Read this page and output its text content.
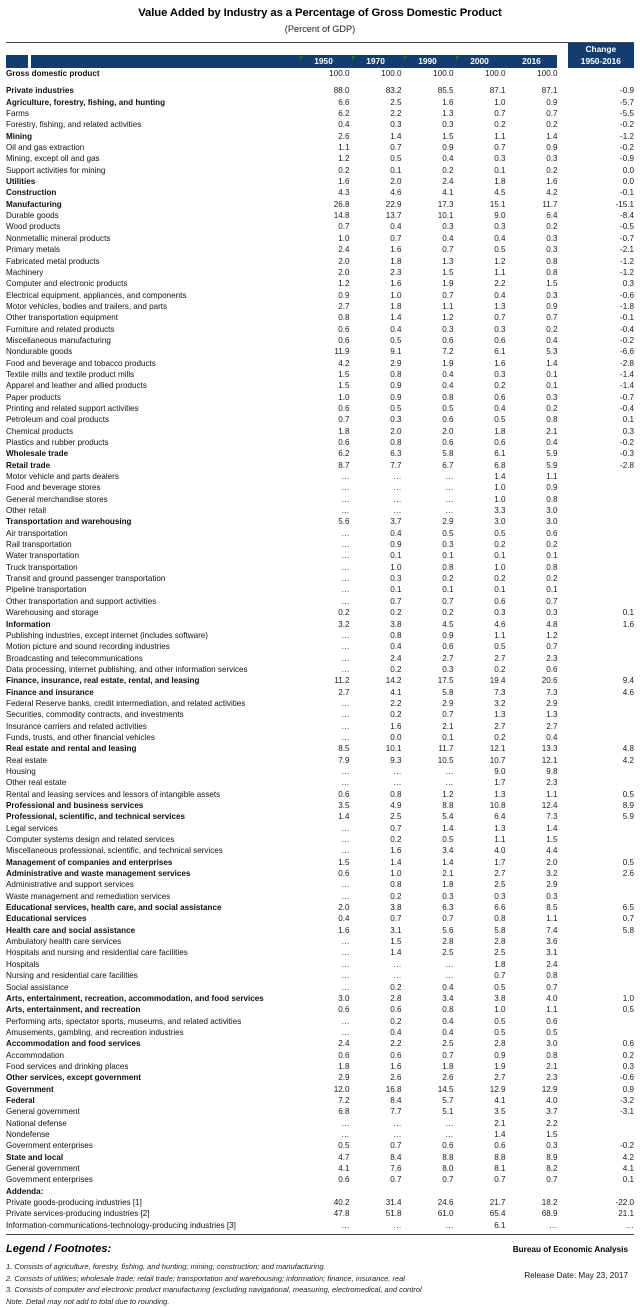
Value Added by Industry as a Percentage of Gross Domestic Product
(Percent of GDP)
							Change

1950	1970	1990	2000	2016		1950-2016
Gross domestic product	100.0	100.0	100.0	100.0	100.0		

Private industries	88.0	83.2	85.5	87.1	87.1		-0.9
Agriculture, forestry, fishing, and hunting	6.6	2.5	1.6	1.0	0.9		-5.7
Farms	6.2	2.2	1.3	0.7	0.7		-5.5
Forestry, fishing, and related activities	0.4	0.3	0.3	0.2	0.2		-0.2
Mining	2.6	1.4	1.5	1.1	1.4		-1.2
Oil and gas extraction	1.1	0.7	0.9	0.7	0.9		-0.2
Mining, except oil and gas	1.2	0.5	0.4	0.3	0.3		-0.9
Support activities for mining	0.2	0.1	0.2	0.1	0.2		0.0
Utilities	1.6	2.0	2.4	1.8	1.6		0.0
Construction	4.3	4.6	4.1	4.5	4.2		-0.1
Manufacturing	26.8	22.9	17.3	15.1	11.7		-15.1
Durable goods	14.8	13.7	10.1	9.0	6.4		-8.4
Wood products	0.7	0.4	0.3	0.3	0.2		-0.5
Nonmetallic mineral products	1.0	0.7	0.4	0.4	0.3		-0.7
Primary metals	2.4	1.6	0.7	0.5	0.3		-2.1
Fabricated metal products	2.0	1.8	1.3	1.2	0.8		-1.2
Machinery	2.0	2.3	1.5	1.1	0.8		-1.2
Computer and electronic products	1.2	1.6	1.9	2.2	1.5		0.3
Electrical equipment, appliances, and components	0.9	1.0	0.7	0.4	0.3		-0.6
Motor vehicles, bodies and trailers, and parts	2.7	1.8	1.1	1.3	0.9		-1.8
Other transportation equipment	0.8	1.4	1.2	0.7	0.7		-0.1
Furniture and related products	0.6	0.4	0.3	0.3	0.2		-0.4
Miscellaneous manufacturing	0.6	0.5	0.6	0.6	0.4		-0.2
Nondurable goods	11.9	9.1	7.2	6.1	5.3		-6.6
Food and beverage and tobacco products	4.2	2.9	1.9	1.6	1.4		-2.8
Textile mills and textile product mills	1.5	0.8	0.4	0.3	0.1		-1.4
Apparel and leather and allied products	1.5	0.9	0.4	0.2	0.1		-1.4
Paper products	1.0	0.9	0.8	0.6	0.3		-0.7
Printing and related support activities	0.6	0.5	0.5	0.4	0.2		-0.4
Petroleum and coal products	0.7	0.3	0.6	0.5	0.8		0.1
Chemical products	1.8	2.0	2.0	1.8	2.1		0.3
Plastics and rubber products	0.6	0.8	0.6	0.6	0.4		-0.2
Wholesale trade	6.2	6.3	5.8	6.1	5.9		-0.3
Retail trade	8.7	7.7	6.7	6.8	5.9		-2.8
Motor vehicle and parts dealers	...	...	...	1.4	1.1		
Food and beverage stores	...	...	...	1.0	0.9		
General merchandise stores	...	...	...	1.0	0.8		
Other retail	...	...	...	3.3	3.0		
Transportation and warehousing	5.6	3.7	2.9	3.0	3.0		
Air transportation	...	0.4	0.5	0.5	0.6		
Rail transportation	...	0.9	0.3	0.2	0.2		
Water transportation	...	0.1	0.1	0.1	0.1		
Truck transportation	...	1.0	0.8	1.0	0.8		
Transit and ground passenger transportation	...	0.3	0.2	0.2	0.2		
Pipeline transportation	...	0.1	0.1	0.1	0.1		
Other transportation and support activities	...	0.7	0.7	0.6	0.7		
Warehousing and storage	0.2	0.2	0.2	0.3	0.3		0.1
Information	3.2	3.8	4.5	4.6	4.8		1.6
Publishing industries, except internet (includes software)	...	0.8	0.9	1.1	1.2		
Motion picture and sound recording industries	...	0.4	0.6	0.5	0.7		
Broadcasting and telecommunications	...	2.4	2.7	2.7	2.3		
Data processing, internet publishing, and other information services	...	0.2	0.3	0.2	0.6		
Finance, insurance, real estate, rental, and leasing	11.2	14.2	17.5	19.4	20.6		9.4
Finance and insurance	2.7	4.1	5.8	7.3	7.3		4.6
Federal Reserve banks, credit intermediation, and related activities	...	2.2	2.9	3.2	2.9		
Securities, commodity contracts, and investments	...	0.2	0.7	1.3	1.3		
Insurance carriers and related activities	...	1.6	2.1	2.7	2.7		
Funds, trusts, and other financial vehicles	...	0.0	0.1	0.2	0.4		
Real estate and rental and leasing	8.5	10.1	11.7	12.1	13.3		4.8
Real estate	7.9	9.3	10.5	10.7	12.1		4.2
Housing	...	...	...	9.0	9.8		
Other real estate	...	...	...	1.7	2.3		
Rental and leasing services and lessors of intangible assets	0.6	0.8	1.2	1.3	1.1		0.5
Professional and business services	3.5	4.9	8.8	10.8	12.4		8.9
Professional, scientific, and technical services	1.4	2.5	5.4	6.4	7.3		5.9
Legal services	...	0.7	1.4	1.3	1.4		
Computer systems design and related services	...	0.2	0.5	1.1	1.5		
Miscellaneous professional, scientific, and technical services	...	1.6	3.4	4.0	4.4		
Management of companies and enterprises	1.5	1.4	1.4	1.7	2.0		0.5
Administrative and waste management services	0.6	1.0	2.1	2.7	3.2		2.6
Administrative and support services	...	0.8	1.8	2.5	2.9		
Waste management and remediation services	...	0.2	0.3	0.3	0.3		
Educational services, health care, and social assistance	2.0	3.8	6.3	6.6	8.5		6.5
Educational services	0.4	0.7	0.7	0.8	1.1		0.7
Health care and social assistance	1.6	3.1	5.6	5.8	7.4		5.8
Ambulatory health care services	...	1.5	2.8	2.8	3.6		
Hospitals and nursing and residential care facilities	...	1.4	2.5	2.5	3.1		
Hospitals	...	...	...	1.8	2.4		
Nursing and residential care facilities	...	...	...	0.7	0.8		
Social assistance	...	0.2	0.4	0.5	0.7		
Arts, entertainment, recreation, accommodation, and food services	3.0	2.8	3.4	3.8	4.0		1.0
Arts, entertainment, and recreation	0.6	0.6	0.8	1.0	1.1		0.5
Performing arts, spectator sports, museums, and related activities	...	0.2	0.4	0.5	0.6		
Amusements, gambling, and recreation industries	...	0.4	0.4	0.5	0.5		
Accommodation and food services	2.4	2.2	2.5	2.8	3.0		0.6
Accommodation	0.6	0.6	0.7	0.9	0.8		0.2
Food services and drinking places	1.8	1.6	1.8	1.9	2.1		0.3
Other services, except government	2.9	2.6	2.6	2.7	2.3		-0.6
Government	12.0	16.8	14.5	12.9	12.9		0.9
Federal	7.2	8.4	5.7	4.1	4.0		-3.2
General government	6.8	7.7	5.1	3.5	3.7		-3.1
National defense	...	...	...	2.1	2.2		
Nondefense	...	...	...	1.4	1.5		
Government enterprises	0.5	0.7	0.6	0.6	0.3		-0.2
State and local	4.7	8.4	8.8	8.8	8.9		4.2
General government	4.1	7.6	8.0	8.1	8.2		4.1
Government enterprises	0.6	0.7	0.7	0.7	0.7		0.1
Addenda:							
Private goods-producing industries [1]	40.2	31.4	24.6	21.7	18.2		-22.0
Private services-producing industries [2]	47.8	51.8	61.0	65.4	68.9		21.1
Information-communications-technology-producing industries [3]	...	...	...	6.1	...		...
Legend / Footnotes:
1. Consists of agriculture, forestry, fishing, and hunting; mining; construction; and manufacturing.
2. Consists of utilities; wholesale trade; retail trade; transportation and warehousing; information; finance, insurance, real
3. Consists of computer and electronic product manufacturing (excluding navigational, measuring, electromedical, and control
Note. Detail may not add to total due to rounding.
Bureau of Economic Analysis
Release Date: May 23, 2017
